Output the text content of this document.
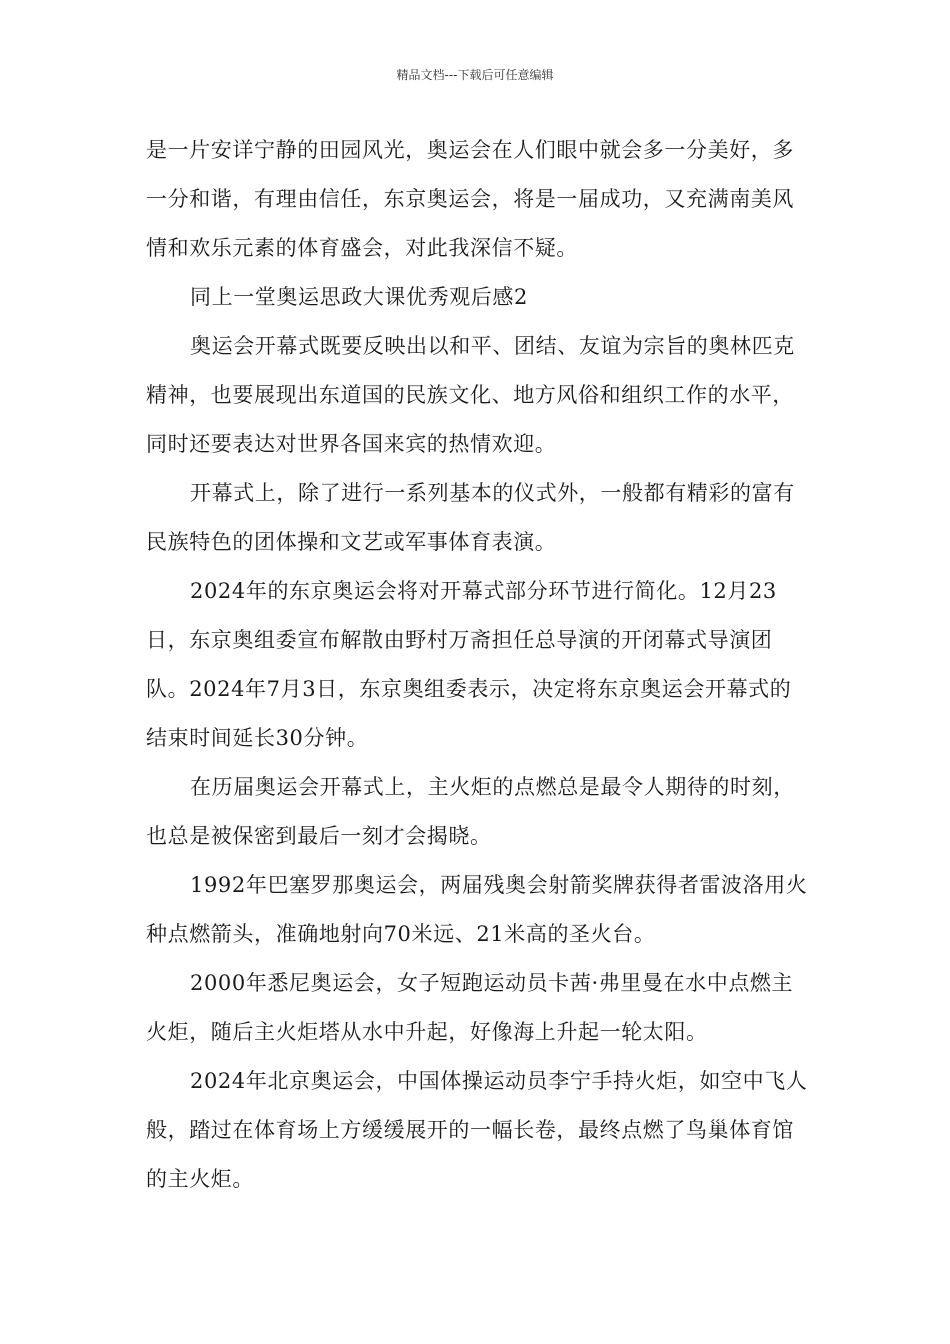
精品文档---下载后可任意编辑

是一片安详宁静的田园风光，奥运会在人们眼中就会多一分美好，多一分和谐，有理由信任，东京奥运会，将是一届成功，又充满南美风情和欢乐元素的体育盛会，对此我深信不疑。

同上一堂奥运思政大课优秀观后感2

奥运会开幕式既要反映出以和平、团结、友谊为宗旨的奥林匹克精神，也要展现出东道国的民族文化、地方风俗和组织工作的水平，同时还要表达对世界各国来宾的热情欢迎。

开幕式上，除了进行一系列基本的仪式外，一般都有精彩的富有民族特色的团体操和文艺或军事体育表演。

2024年的东京奥运会将对开幕式部分环节进行简化。12月23日，东京奥组委宣布解散由野村万斋担任总导演的开闭幕式导演团队。2024年7月3日，东京奥组委表示，决定将东京奥运会开幕式的结束时间延长30分钟。

在历届奥运会开幕式上，主火炬的点燃总是最令人期待的时刻，也总是被保密到最后一刻才会揭晓。

1992年巴塞罗那奥运会，两届残奥会射箭奖牌获得者雷波洛用火种点燃箭头，准确地射向70米远、21米高的圣火台。

2000年悉尼奥运会，女子短跑运动员卡茜·弗里曼在水中点燃主火炬，随后主火炬塔从水中升起，好像海上升起一轮太阳。

2024年北京奥运会，中国体操运动员李宁手持火炬，如空中飞人般，踏过在体育场上方缓缓展开的一幅长卷，最终点燃了鸟巢体育馆的主火炬。
